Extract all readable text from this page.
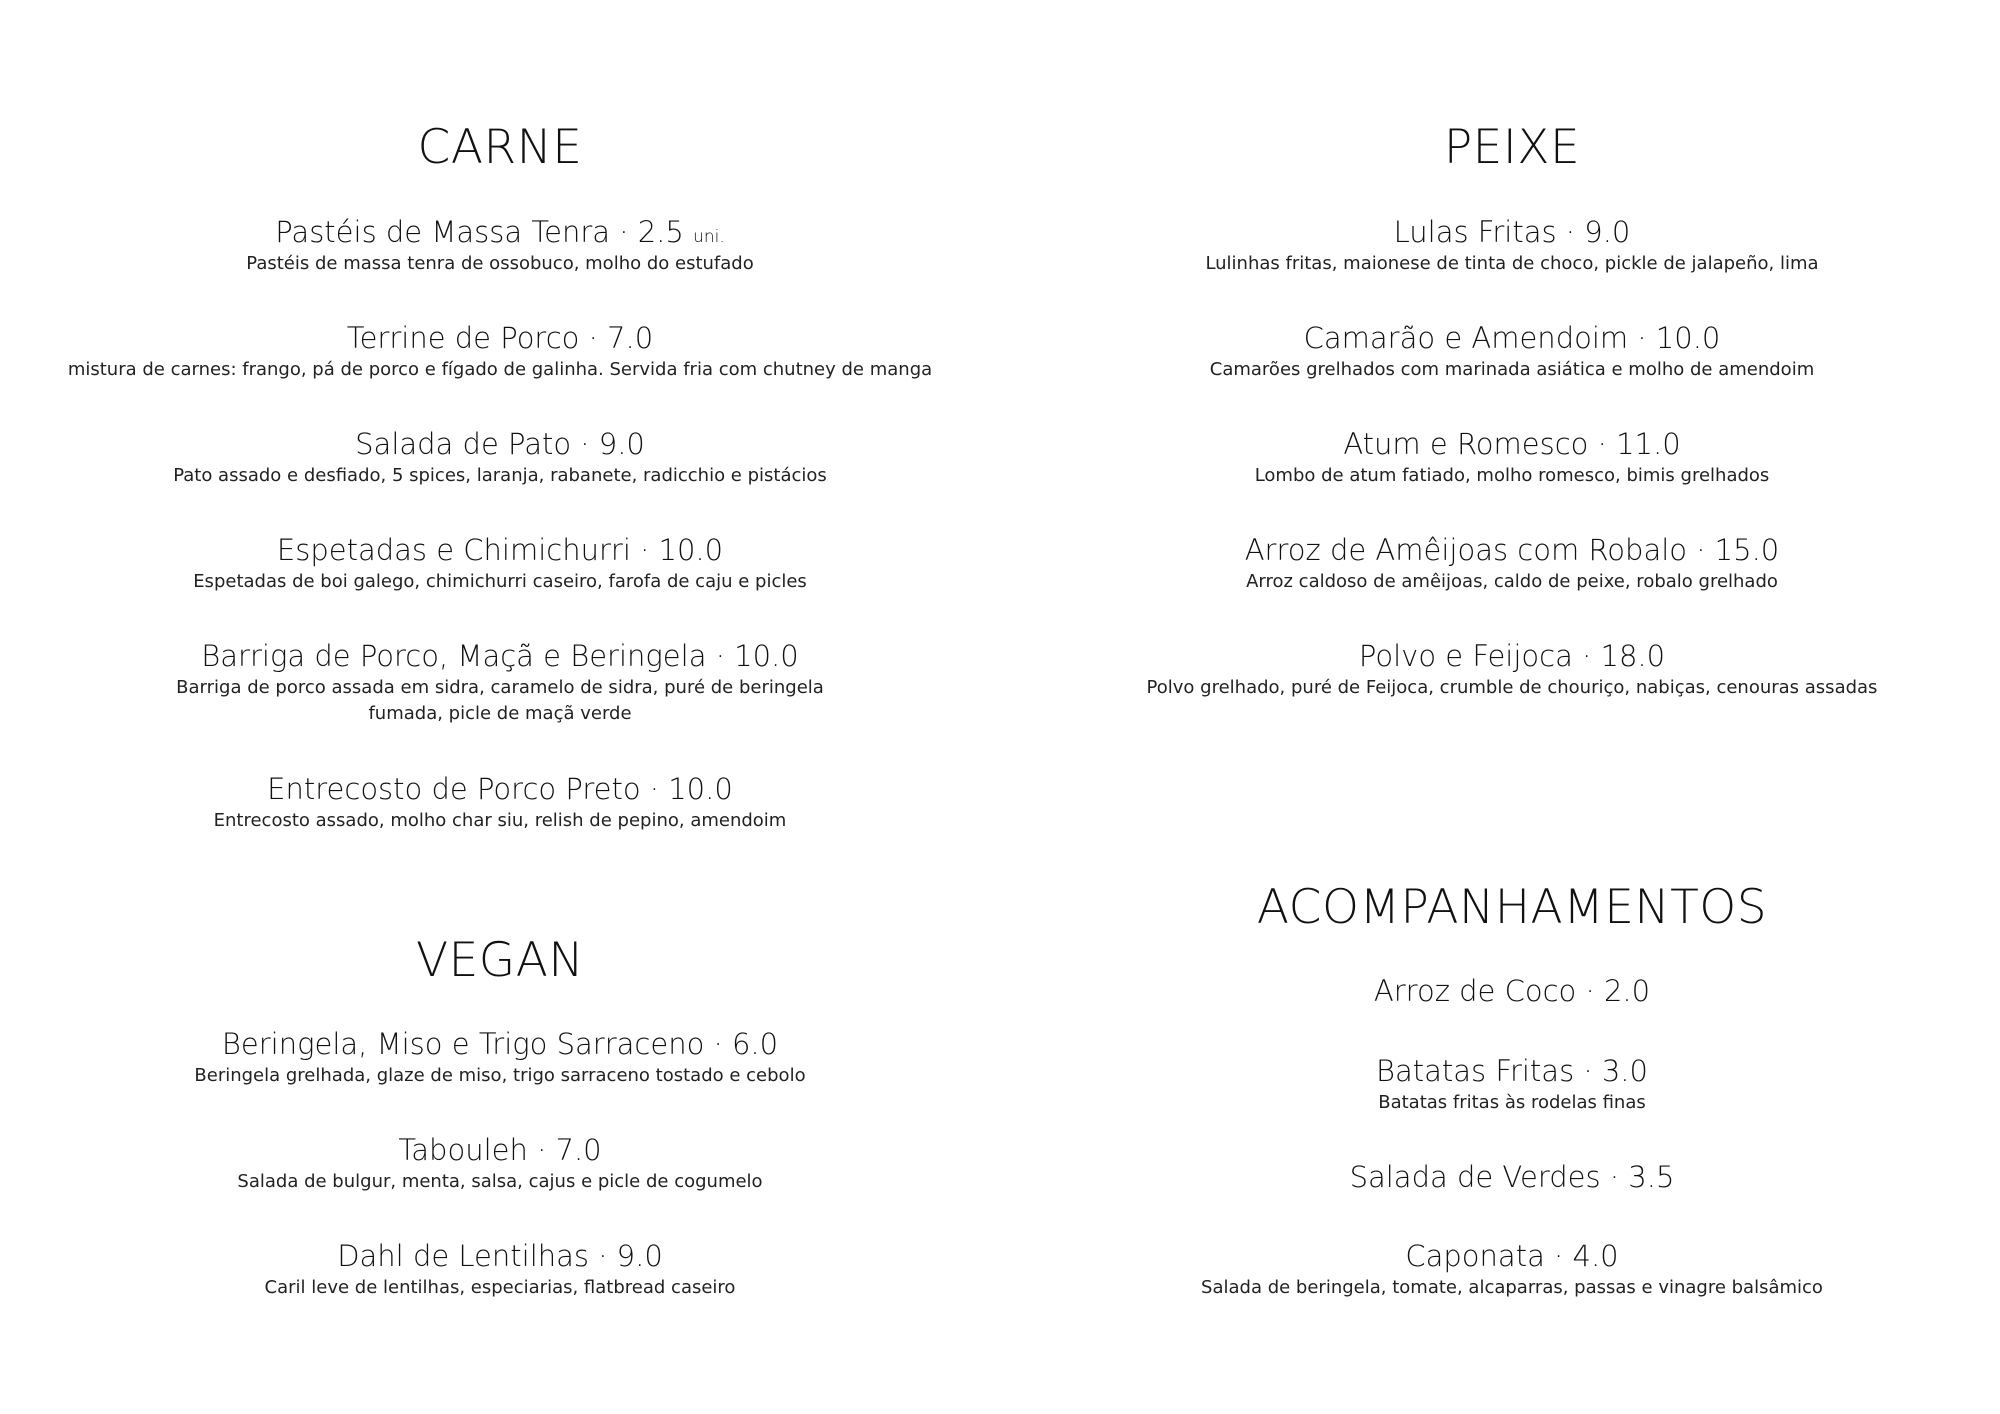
CARNE
Pastéis de Massa Tenra · 2.5 uni.
Pastéis de massa tenra de ossobuco, molho do estufado
Terrine de Porco · 7.0
mistura de carnes: frango, pá de porco e fígado de galinha. Servida fria com chutney de manga
Salada de Pato · 9.0
Pato assado e desfiado, 5 spices, laranja, rabanete, radicchio e pistácios
Espetadas e Chimichurri · 10.0
Espetadas de boi galego, chimichurri caseiro, farofa de caju e picles
Barriga de Porco, Maçã e Beringela · 10.0
Barriga de porco assada em sidra, caramelo de sidra, puré de beringela fumada, picle de maçã verde
Entrecosto de Porco Preto · 10.0
Entrecosto assado, molho char siu, relish de pepino, amendoim
VEGAN
Beringela, Miso e Trigo Sarraceno · 6.0
Beringela grelhada, glaze de miso, trigo sarraceno tostado e cebolo
Tabouleh · 7.0
Salada de bulgur, menta, salsa, cajus e picle de cogumelo
Dahl de Lentilhas · 9.0
Caril leve de lentilhas, especiarias, flatbread caseiro
PEIXE
Lulas Fritas · 9.0
Lulinhas fritas, maionese de tinta de choco, pickle de jalapeño, lima
Camarão e Amendoim · 10.0
Camarões grelhados com marinada asiática e molho de amendoim
Atum e Romesco · 11.0
Lombo de atum fatiado, molho romesco, bimis grelhados
Arroz de Amêijoas com Robalo · 15.0
Arroz caldoso de amêijoas, caldo de peixe, robalo grelhado
Polvo e Feijoca · 18.0
Polvo grelhado, puré de Feijoca, crumble de chouriço, nabiças, cenouras assadas
ACOMPANHAMENTOS
Arroz de Coco · 2.0
Batatas Fritas · 3.0
Batatas fritas às rodelas finas
Salada de Verdes · 3.5
Caponata · 4.0
Salada de beringela, tomate, alcaparras, passas e vinagre balsâmico
